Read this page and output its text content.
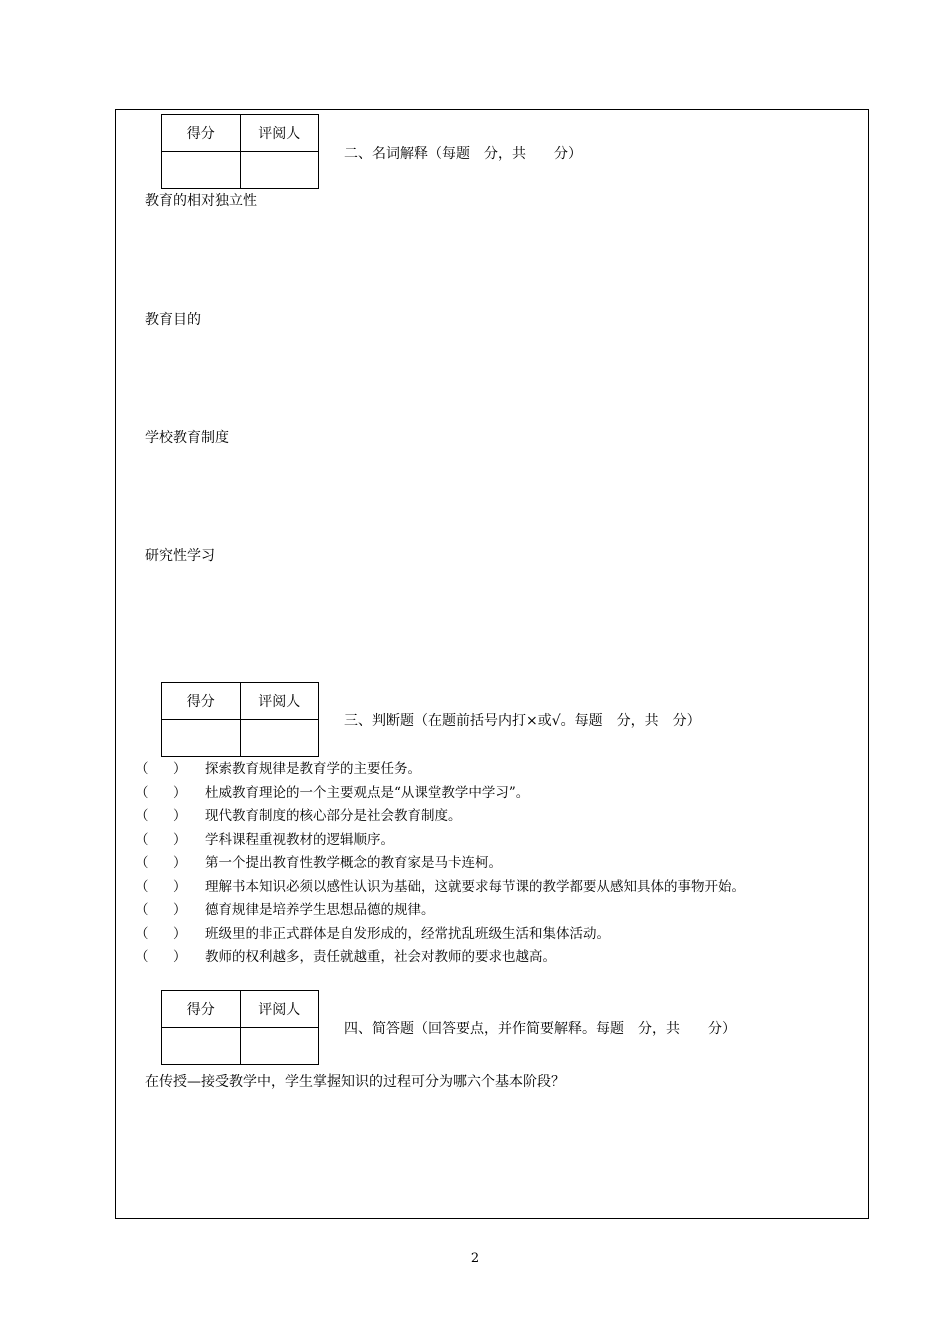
得分	评阅人

二、名词解释（每题　分，共　　分）
教育的相对独立性
教育目的
学校教育制度
研究性学习
得分	评阅人

三、判断题（在题前括号内打×或√。每题　分，共　分）
（ ） 探索教育规律是教育学的主要任务。
（ ） 杜威教育理论的一个主要观点是“从课堂教学中学习”。
（ ） 现代教育制度的核心部分是社会教育制度。
（ ） 学科课程重视教材的逻辑顺序。
（ ） 第一个提出教育性教学概念的教育家是马卡连柯。
（ ） 理解书本知识必须以感性认识为基础，这就要求每节课的教学都要从感知具体的事物开始。
（ ） 德育规律是培养学生思想品德的规律。
（ ） 班级里的非正式群体是自发形成的，经常扰乱班级生活和集体活动。
（ ） 教师的权利越多，责任就越重，社会对教师的要求也越高。
得分	评阅人

四、简答题（回答要点，并作简要解释。每题　分，共　　分）
在传授—接受教学中，学生掌握知识的过程可分为哪六个基本阶段？
2
